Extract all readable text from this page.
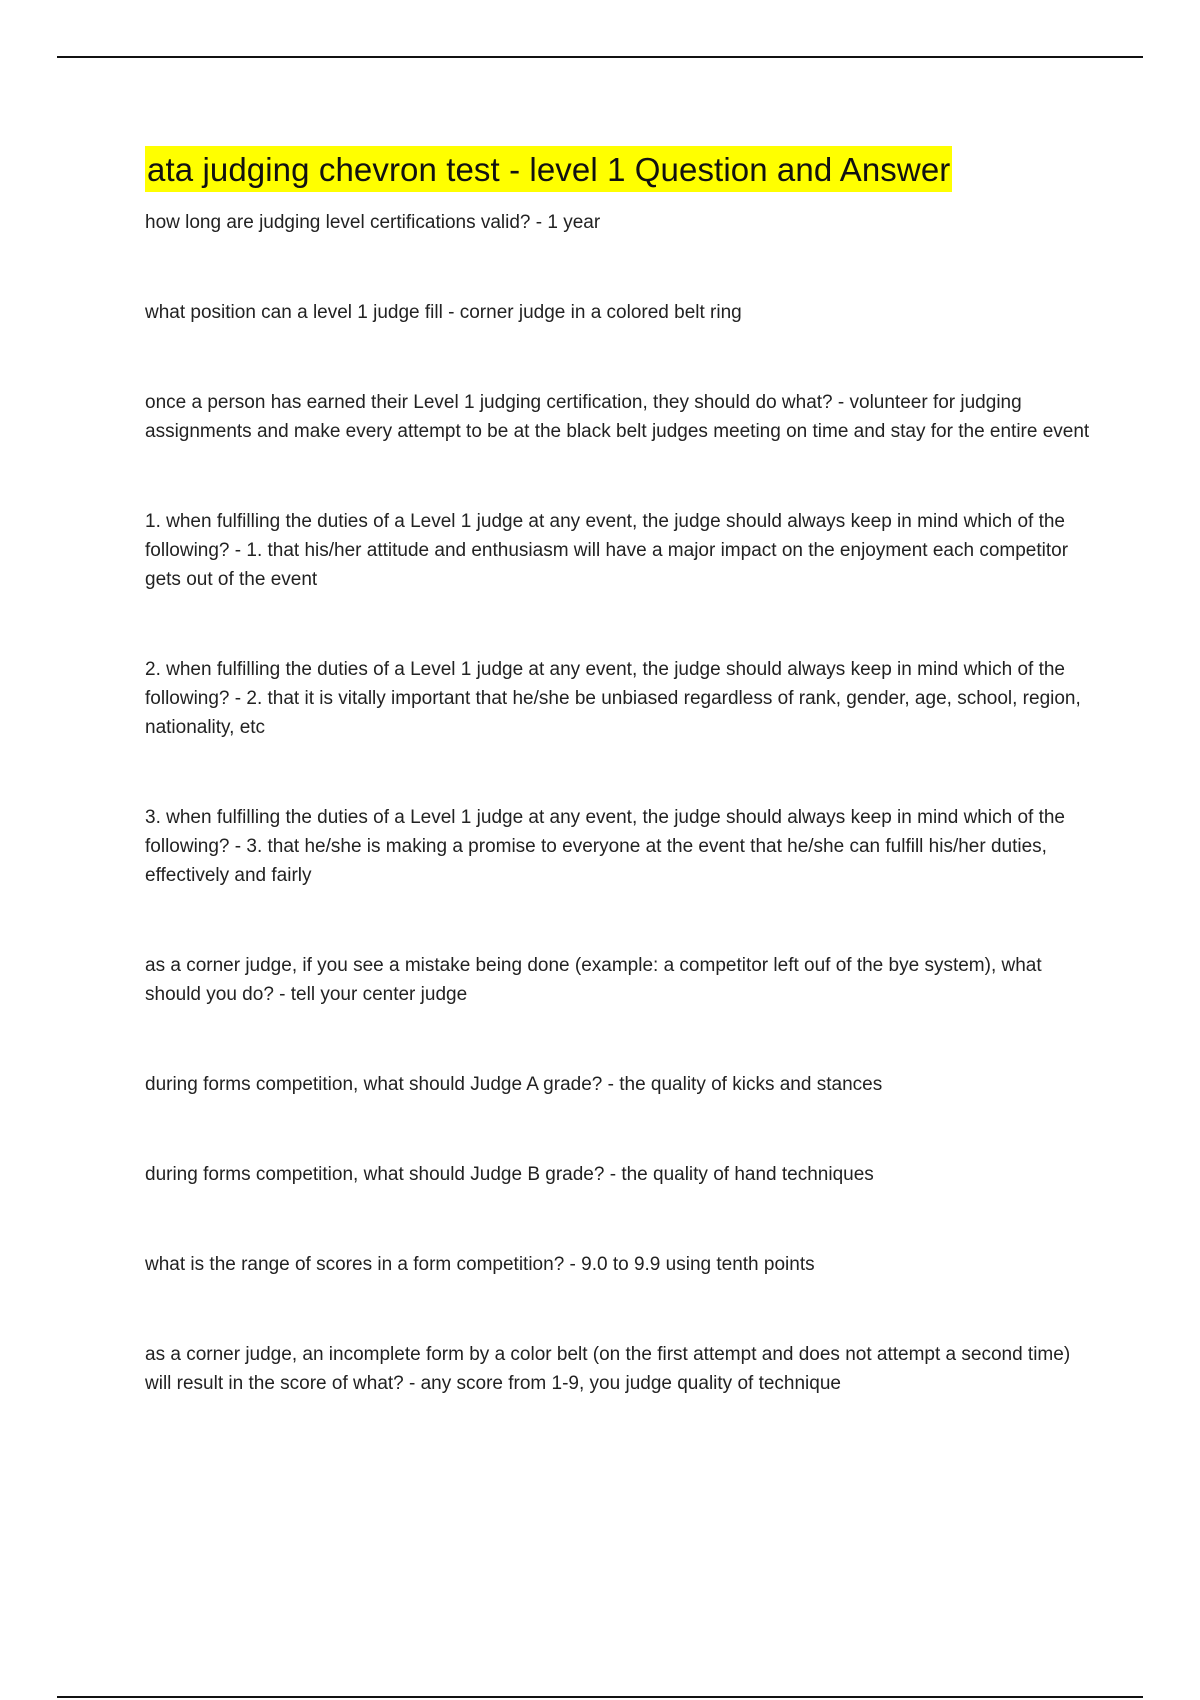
ata judging chevron test - level 1 Question and Answer
how long are judging level certifications valid? - 1 year
what position can a level 1 judge fill - corner judge in a colored belt ring
once a person has earned their Level 1 judging certification, they should do what? - volunteer for judging assignments and make every attempt to be at the black belt judges meeting on time and stay for the entire event
1. when fulfilling the duties of a Level 1 judge at any event, the judge should always keep in mind which of the following? - 1. that his/her attitude and enthusiasm will have a major impact on the enjoyment each competitor gets out of the event
2. when fulfilling the duties of a Level 1 judge at any event, the judge should always keep in mind which of the following? - 2. that it is vitally important that he/she be unbiased regardless of rank, gender, age, school, region, nationality, etc
3. when fulfilling the duties of a Level 1 judge at any event, the judge should always keep in mind which of the following? - 3. that he/she is making a promise to everyone at the event that he/she can fulfill his/her duties, effectively and fairly
as a corner judge, if you see a mistake being done (example: a competitor left ouf of the bye system), what should you do? - tell your center judge
during forms competition, what should Judge A grade? - the quality of kicks and stances
during forms competition, what should Judge B grade? - the quality of hand techniques
what is the range of scores in a form competition? - 9.0 to 9.9 using tenth points
as a corner judge, an incomplete form by a color belt (on the first attempt and does not attempt a second time) will result in the score of what? - any score from 1-9, you judge quality of technique
